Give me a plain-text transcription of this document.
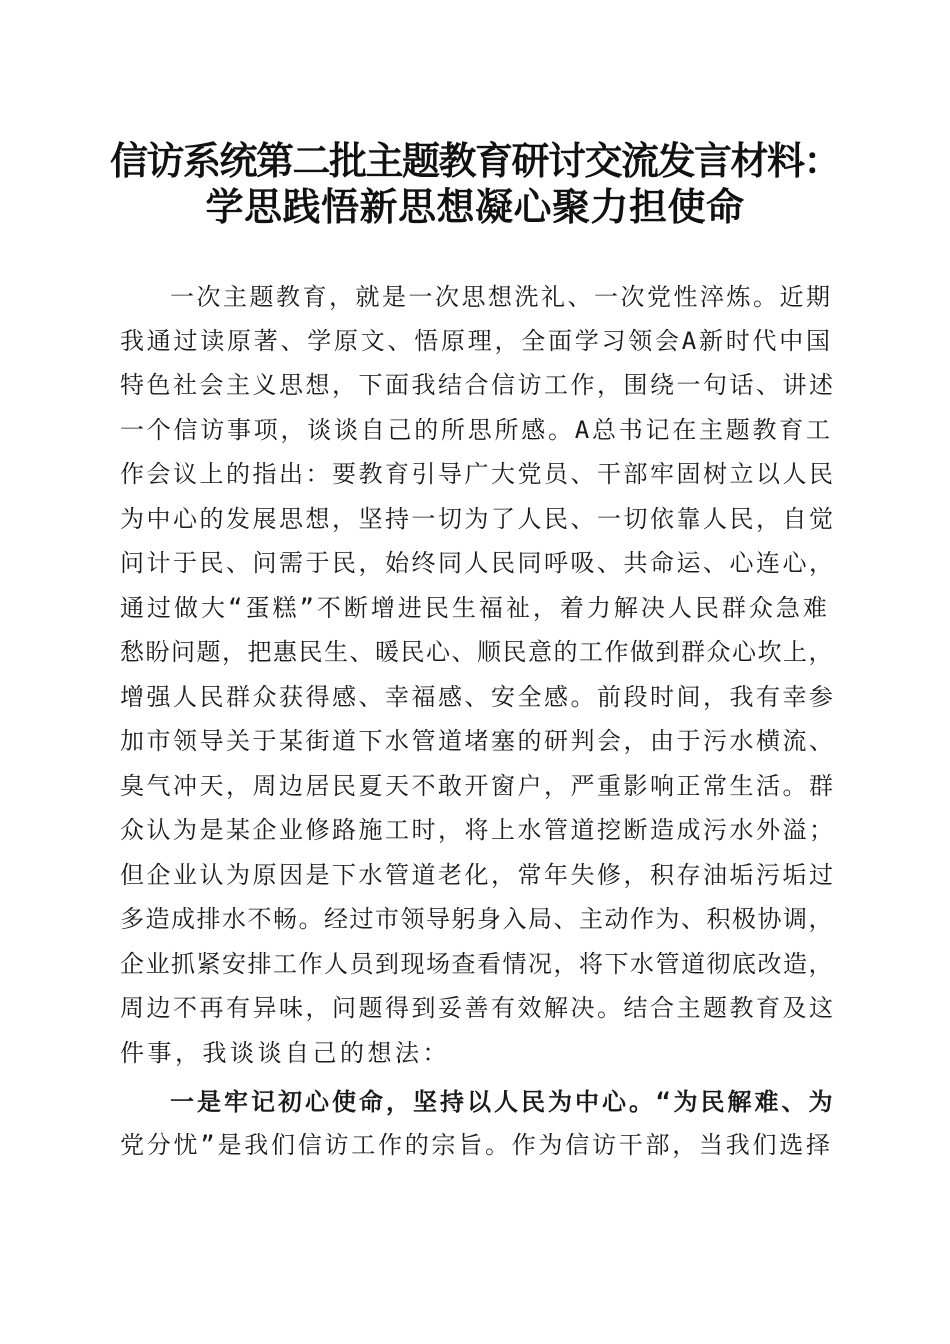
信访系统第二批主题教育研讨交流发言材料：
学思践悟新思想凝心聚力担使命
一次主题教育，就是一次思想洗礼、一次党性淬炼。近期
我通过读原著、学原文、悟原理，全面学习领会A新时代中国
特色社会主义思想，下面我结合信访工作，围绕一句话、讲述
一个信访事项，谈谈自己的所思所感。A总书记在主题教育工
作会议上的指出：要教育引导广大党员、干部牢固树立以人民
为中心的发展思想，坚持一切为了人民、一切依靠人民，自觉
问计于民、问需于民，始终同人民同呼吸、共命运、心连心，
通过做大“蛋糕”不断增进民生福祉，着力解决人民群众急难
愁盼问题，把惠民生、暖民心、顺民意的工作做到群众心坎上，
增强人民群众获得感、幸福感、安全感。前段时间，我有幸参
加市领导关于某街道下水管道堵塞的研判会，由于污水横流、
臭气冲天，周边居民夏天不敢开窗户，严重影响正常生活。群
众认为是某企业修路施工时，将上水管道挖断造成污水外溢；
但企业认为原因是下水管道老化，常年失修，积存油垢污垢过
多造成排水不畅。经过市领导躬身入局、主动作为、积极协调，
企业抓紧安排工作人员到现场查看情况，将下水管道彻底改造，
周边不再有异味，问题得到妥善有效解决。结合主题教育及这
件事，我谈谈自己的想法：
一是牢记初心使命，坚持以人民为中心。“为民解难、为
党分忧”是我们信访工作的宗旨。作为信访干部，当我们选择
